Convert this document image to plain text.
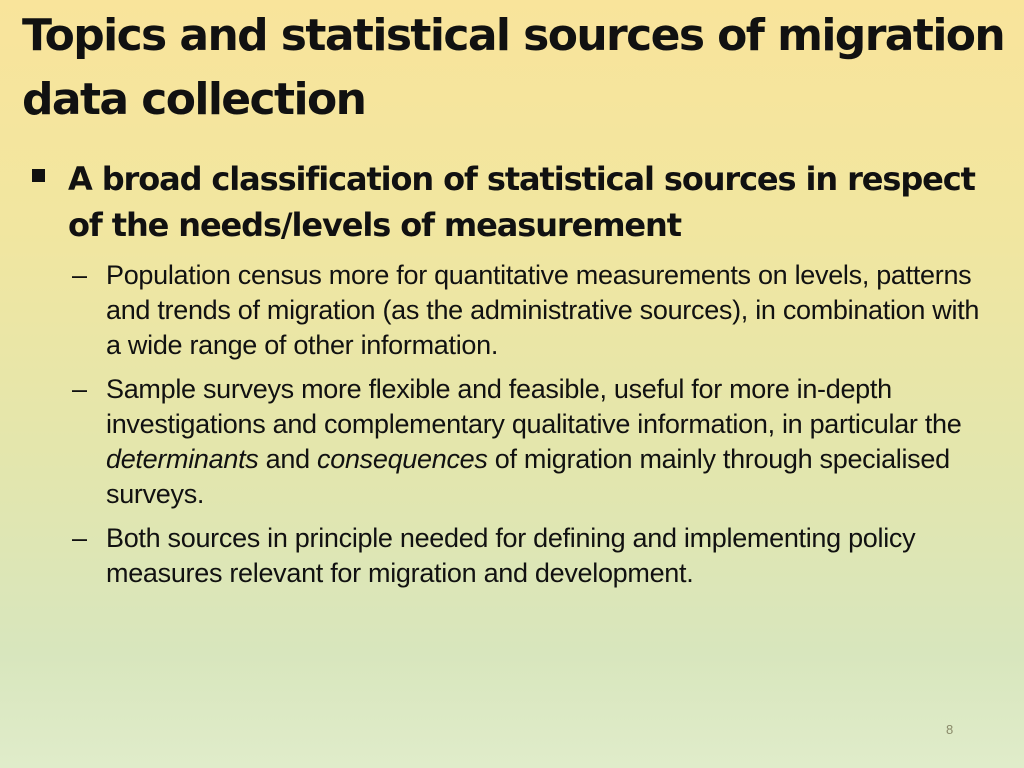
Topics and statistical sources of migration data collection
A broad classification of statistical sources in respect of the needs/levels of measurement
– Population census more for quantitative measurements on levels, patterns and trends of migration (as the administrative sources), in combination with a wide range of other information.
– Sample surveys more flexible and feasible, useful for more in-depth investigations and complementary qualitative information, in particular the determinants and consequences of migration mainly through specialised surveys.
– Both sources in principle needed for defining and implementing policy measures relevant for migration and development.
8
